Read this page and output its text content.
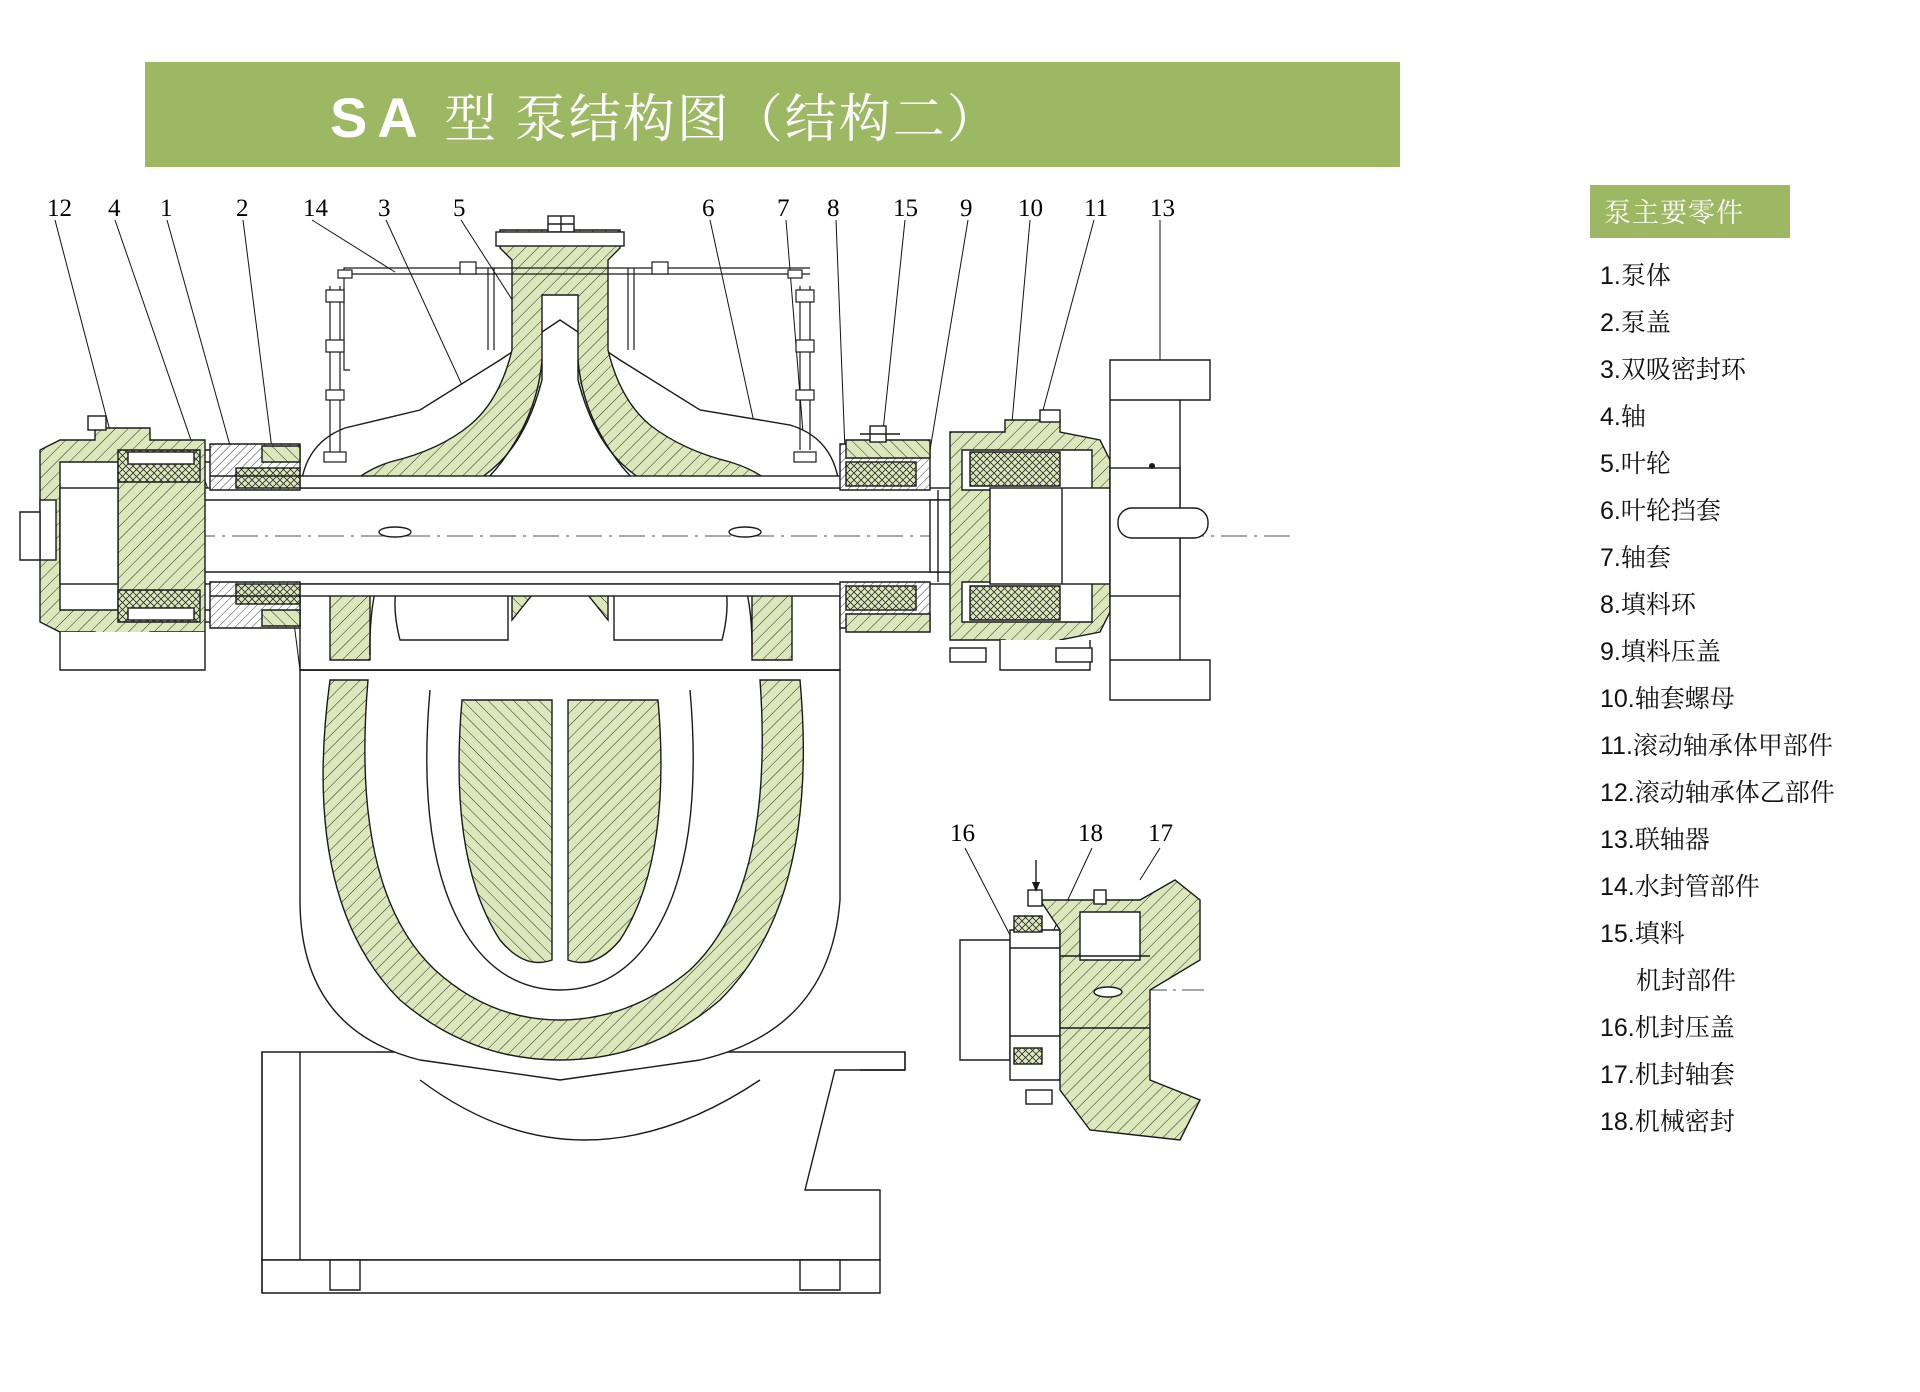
SA 型 泵结构图（结构二）
泵主要零件
1.泵体
2.泵盖
3.双吸密封环
4.轴
5.叶轮
6.叶轮挡套
7.轴套
8.填料环
9.填料压盖
10.轴套螺母
11.滚动轴承体甲部件
12.滚动轴承体乙部件
13.联轴器
14.水封管部件
15.填料
机封部件
16.机封压盖
17.机封轴套
18.机械密封
12 4 1	2 14 3	5	6	7 8 15 9 10 11 13
16	18 17
